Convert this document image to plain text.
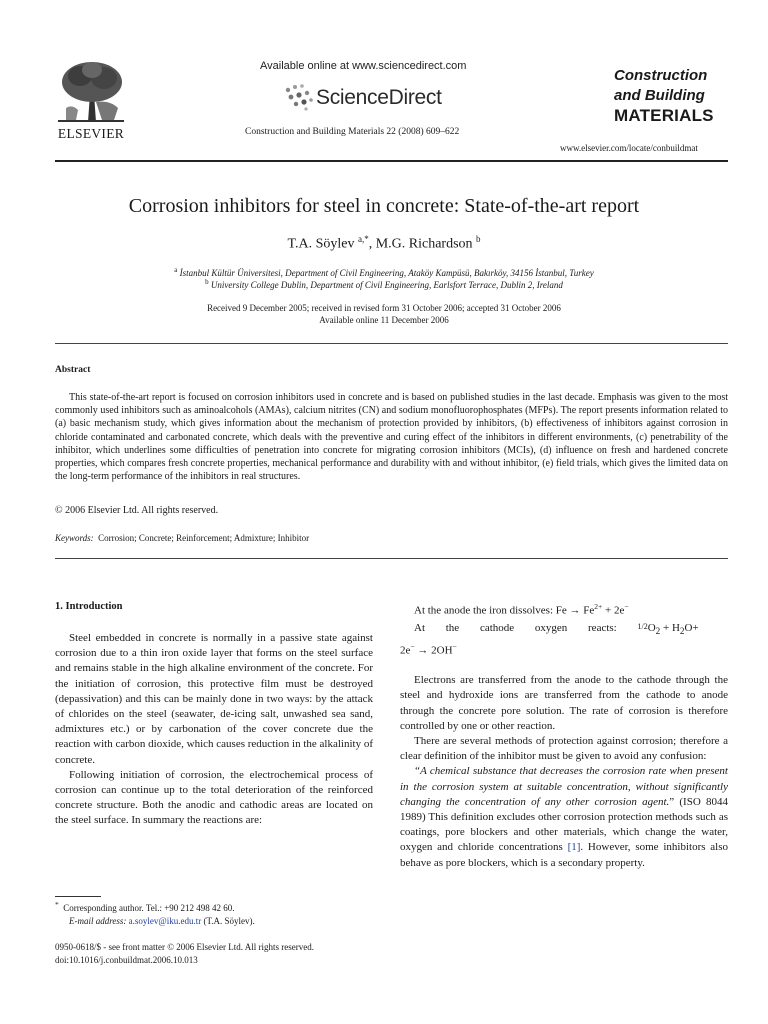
ELSEVIER
Available online at www.sciencedirect.com
ScienceDirect
Construction and Building Materials 22 (2008) 609–622
Construction
and Building
MATERIALS
www.elsevier.com/locate/conbuildmat
Corrosion inhibitors for steel in concrete: State-of-the-art report
T.A. Söylev $^{a,*}$, M.G. Richardson $^b$
$^a$ İstanbul Kültür Üniversitesi, Department of Civil Engineering, Ataköy Kampüsü, Bakırköy, 34156 İstanbul, Turkey
$^b$ University College Dublin, Department of Civil Engineering, Earlsfort Terrace, Dublin 2, Ireland
Received 9 December 2005; received in revised form 31 October 2006; accepted 31 October 2006
Available online 11 December 2006
Abstract
This state-of-the-art report is focused on corrosion inhibitors used in concrete and is based on published studies in the last decade. Emphasis was given to the most commonly used inhibitors such as aminoalcohols (AMAs), calcium nitrites (CN) and sodium monofluorophosphates (MFPs). The report presents information related to (a) basic mechanism study, which gives information about the mechanism of protection provided by inhibitors, (b) effectiveness of inhibitors against corrosion in chloride contaminated and carbonated concrete, which deals with the preventive and curing effect of the inhibitors in different environments, (c) penetrability of the inhibitor, which underlines some difficulties of penetration into concrete for migrating corrosion inhibitors (MCIs), (d) influence on fresh and hardened concrete properties, which compares fresh concrete properties, mechanical performance and durability with and without inhibitor, (e) field trials, which gives the limited data on the long-term performance of the inhibitors in real structures.
© 2006 Elsevier Ltd. All rights reserved.
Keywords: Corrosion; Concrete; Reinforcement; Admixture; Inhibitor
1. Introduction

Steel embedded in concrete is normally in a passive state against corrosion due to a thin iron oxide layer that forms on the steel surface and remains stable in the high alkaline environment of the concrete. For the initiation of corrosion, this protective film must be destroyed (depassivation) and this can be mainly done in two ways: by the attack of chlorides on the steel (seawater, de-icing salt, unwashed sea sand, admixtures etc.) or by carbonation of the cover concrete due the reaction with carbon dioxide, which causes reduction in the alkalinity of concrete.

Following initiation of corrosion, the electrochemical process of corrosion can continue up to the total deterioration of the reinforced concrete structure. Both the anodic and cathodic areas are located on the steel surface. In summary the reactions are:

At the anode the iron dissolves: $Fe \to Fe^{2+} + 2e^-$

At the cathode oxygen reacts: $1/2O_2 + H_2O+$

2e− → 2OH−

Electrons are transferred from the anode to the cathode through the steel and hydroxide ions are transferred from the cathode to anode through the concrete pore solution. The rate of corrosion is therefore controlled by one or other reaction.

There are several methods of protection against corrosion; therefore a clear definition of the inhibitor must be given to avoid any confusion:

“A chemical substance that decreases the corrosion rate when present in the corrosion system at suitable concentration, without significantly changing the concentration of any other corrosion agent.” (ISO 8044 1989) This definition excludes other corrosion protection methods such as coatings, pore blockers and other materials, which change the water, oxygen and chloride concentrations [1]. However, some inhibitors also behave as pore blockers, which is a secondary property.

* Corresponding author. Tel.: +90 212 498 42 60.
E-mail address: a.soylev@iku.edu.tr (T.A. Söylev).
0950-0618/$ - see front matter © 2006 Elsevier Ltd. All rights reserved.
doi:10.1016/j.conbuildmat.2006.10.013
